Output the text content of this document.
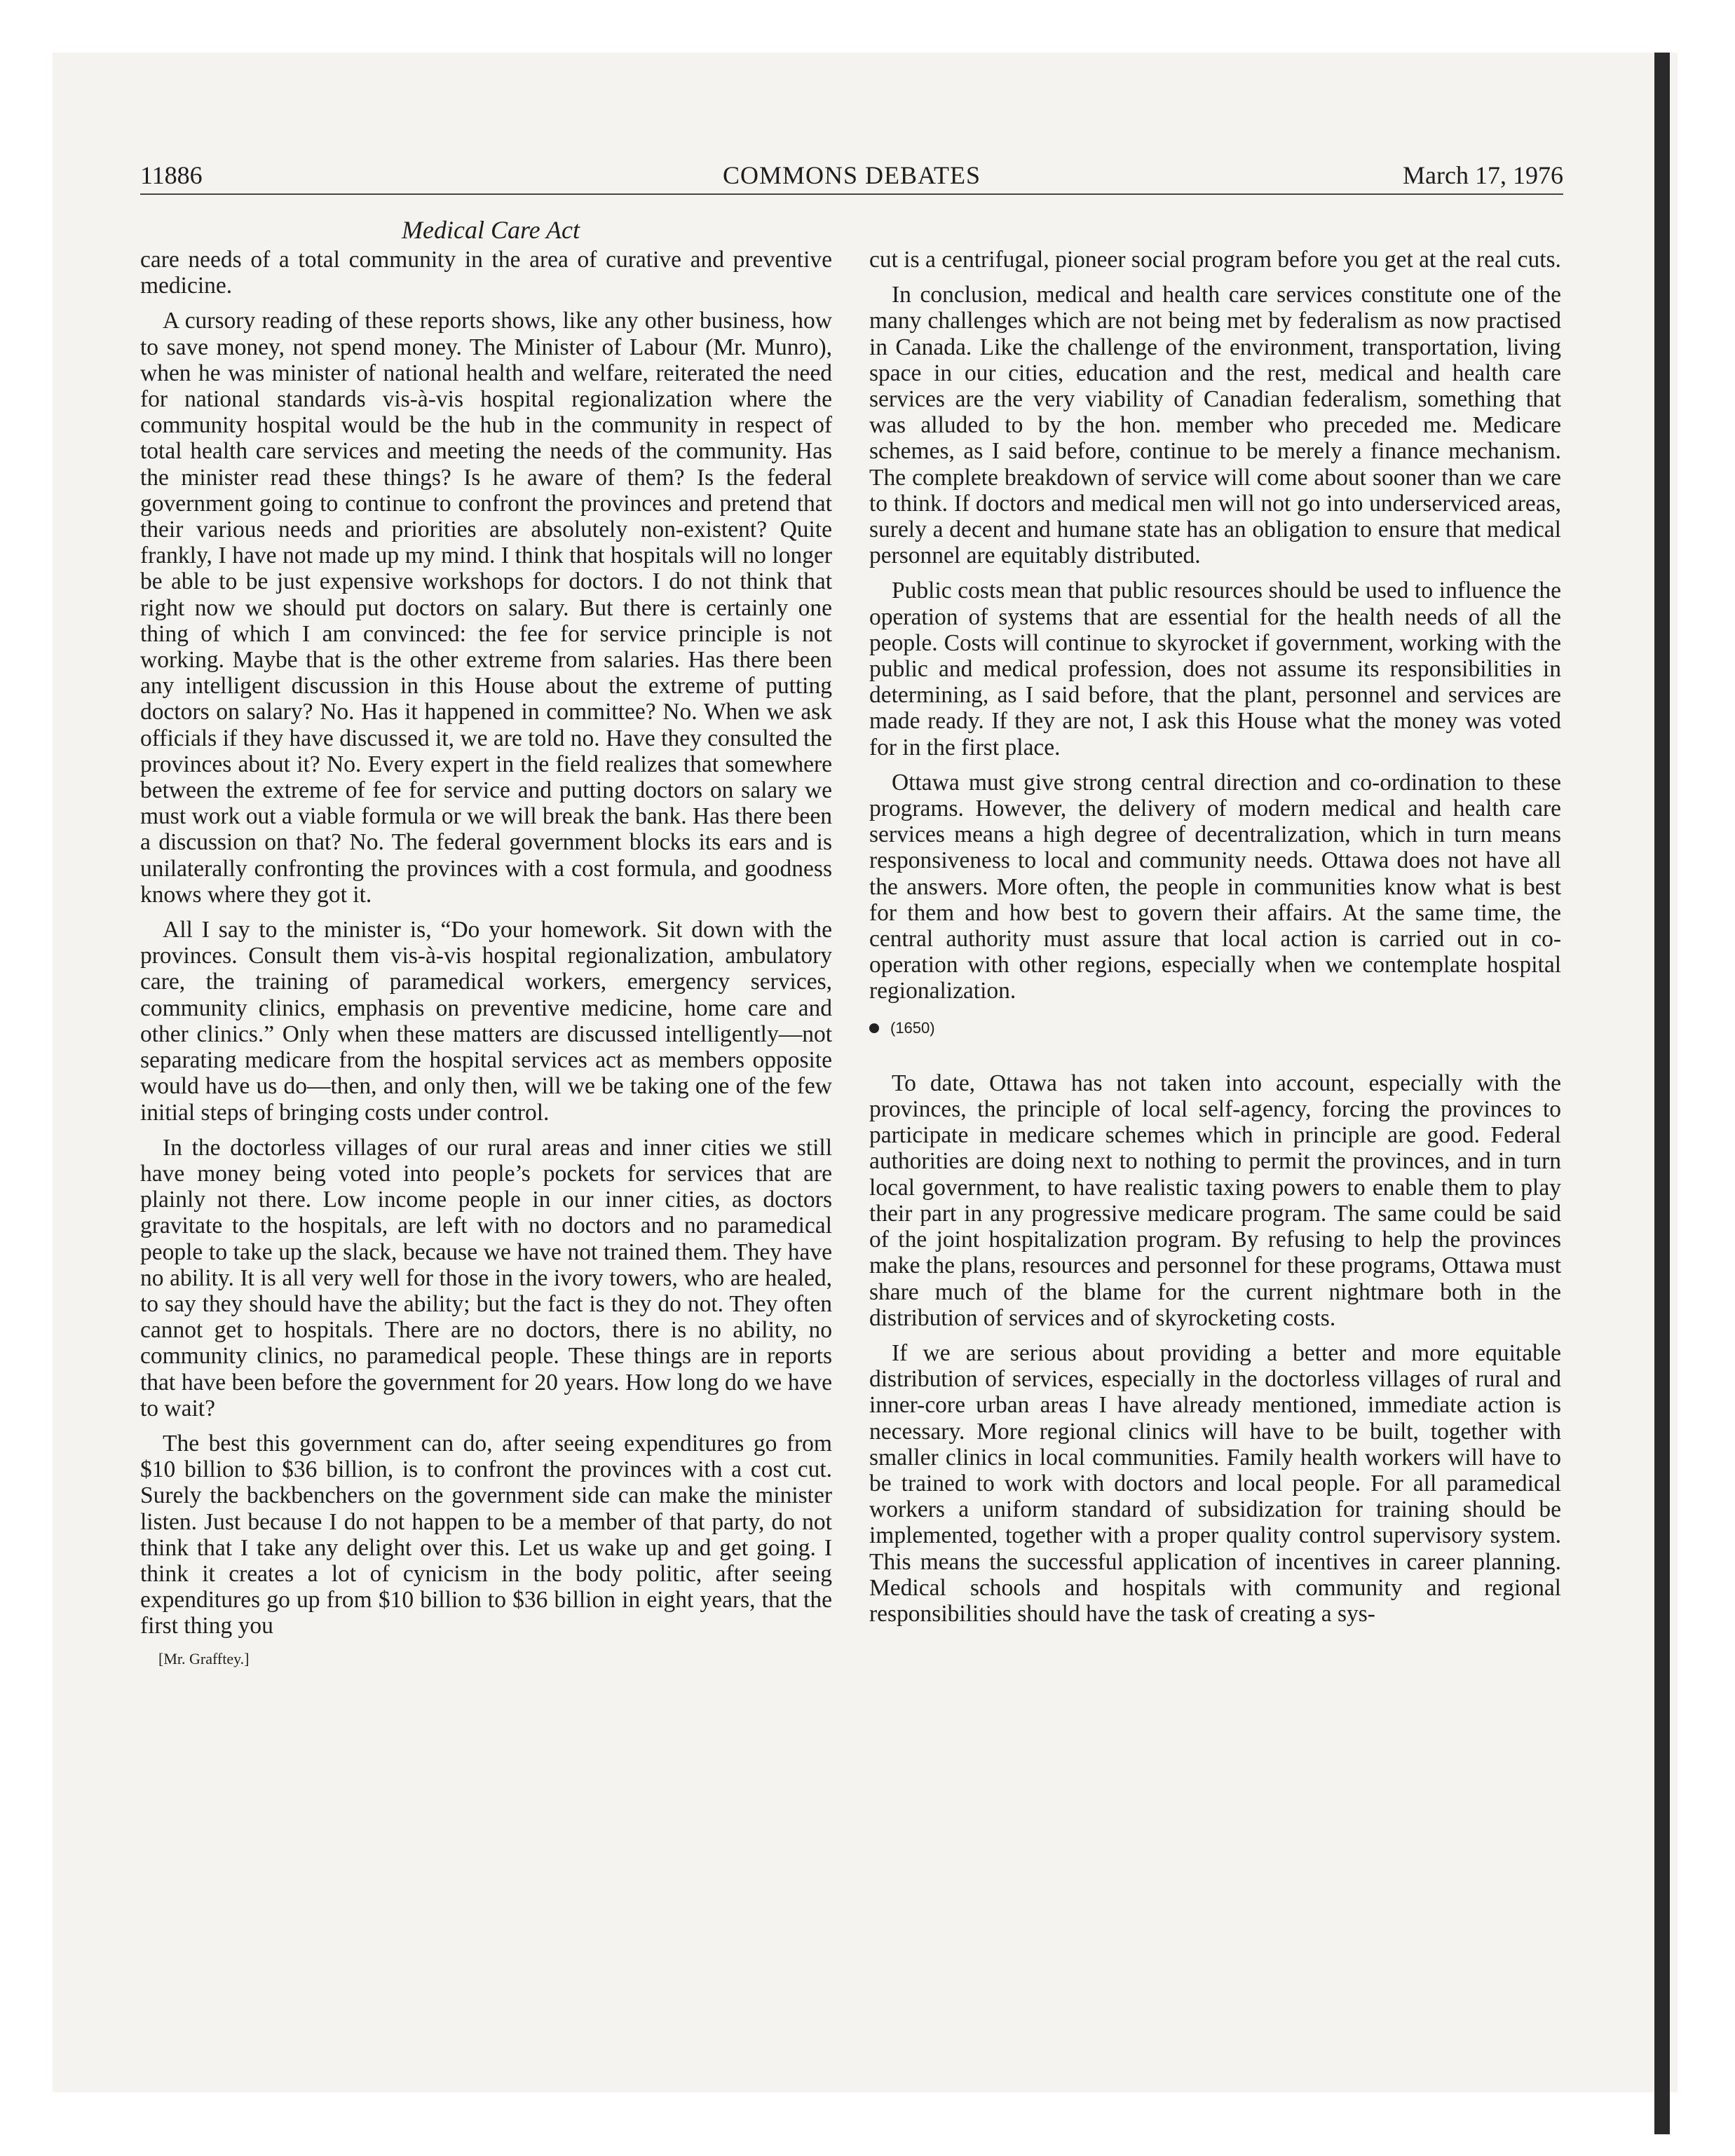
11886	COMMONS DEBATES	March 17, 1976
Medical Care Act

care needs of a total community in the area of curative and preventive medicine.

A cursory reading of these reports shows, like any other business, how to save money, not spend money. The Minister of Labour (Mr. Munro), when he was minister of national health and welfare, reiterated the need for national standards vis-à-vis hospital regionalization where the community hospital would be the hub in the community in respect of total health care services and meeting the needs of the community. Has the minister read these things? Is he aware of them? Is the federal government going to continue to confront the provinces and pretend that their various needs and priorities are absolutely non-existent? Quite frankly, I have not made up my mind. I think that hospitals will no longer be able to be just expensive workshops for doctors. I do not think that right now we should put doctors on salary. But there is certainly one thing of which I am convinced: the fee for service principle is not working. Maybe that is the other extreme from salaries. Has there been any intelligent discussion in this House about the extreme of putting doctors on salary? No. Has it happened in committee? No. When we ask officials if they have discussed it, we are told no. Have they consulted the provinces about it? No. Every expert in the field realizes that somewhere between the extreme of fee for service and putting doctors on salary we must work out a viable formula or we will break the bank. Has there been a discussion on that? No. The federal government blocks its ears and is unilaterally confronting the provinces with a cost formula, and goodness knows where they got it.

All I say to the minister is, “Do your homework. Sit down with the provinces. Consult them vis-à-vis hospital regionalization, ambulatory care, the training of paramedical workers, emergency services, community clinics, emphasis on preventive medicine, home care and other clinics.” Only when these matters are discussed intelligently—not separating medicare from the hospital services act as members opposite would have us do—then, and only then, will we be taking one of the few initial steps of bringing costs under control.

In the doctorless villages of our rural areas and inner cities we still have money being voted into people’s pockets for services that are plainly not there. Low income people in our inner cities, as doctors gravitate to the hospitals, are left with no doctors and no paramedical people to take up the slack, because we have not trained them. They have no ability. It is all very well for those in the ivory towers, who are healed, to say they should have the ability; but the fact is they do not. They often cannot get to hospitals. There are no doctors, there is no ability, no community clinics, no paramedical people. These things are in reports that have been before the government for 20 years. How long do we have to wait?

The best this government can do, after seeing expenditures go from $10 billion to $36 billion, is to confront the provinces with a cost cut. Surely the backbenchers on the government side can make the minister listen. Just because I do not happen to be a member of that party, do not think that I take any delight over this. Let us wake up and get going. I think it creates a lot of cynicism in the body politic, after seeing expenditures go up from $10 billion to $36 billion in eight years, that the first thing you

[Mr. Grafftey.]

cut is a centrifugal, pioneer social program before you get at the real cuts.

In conclusion, medical and health care services constitute one of the many challenges which are not being met by federalism as now practised in Canada. Like the challenge of the environment, transportation, living space in our cities, education and the rest, medical and health care services are the very viability of Canadian federalism, something that was alluded to by the hon. member who preceded me. Medicare schemes, as I said before, continue to be merely a finance mechanism. The complete breakdown of service will come about sooner than we care to think. If doctors and medical men will not go into underserviced areas, surely a decent and humane state has an obligation to ensure that medical personnel are equitably distributed.

Public costs mean that public resources should be used to influence the operation of systems that are essential for the health needs of all the people. Costs will continue to skyrocket if government, working with the public and medical profession, does not assume its responsibilities in determining, as I said before, that the plant, personnel and services are made ready. If they are not, I ask this House what the money was voted for in the first place.

Ottawa must give strong central direction and co-ordination to these programs. However, the delivery of modern medical and health care services means a high degree of decentralization, which in turn means responsiveness to local and community needs. Ottawa does not have all the answers. More often, the people in communities know what is best for them and how best to govern their affairs. At the same time, the central authority must assure that local action is carried out in co-operation with other regions, especially when we contemplate hospital regionalization.

(1650)

To date, Ottawa has not taken into account, especially with the provinces, the principle of local self-agency, forcing the provinces to participate in medicare schemes which in principle are good. Federal authorities are doing next to nothing to permit the provinces, and in turn local government, to have realistic taxing powers to enable them to play their part in any progressive medicare program. The same could be said of the joint hospitalization program. By refusing to help the provinces make the plans, resources and personnel for these programs, Ottawa must share much of the blame for the current nightmare both in the distribution of services and of skyrocketing costs.

If we are serious about providing a better and more equitable distribution of services, especially in the doctorless villages of rural and inner-core urban areas I have already mentioned, immediate action is necessary. More regional clinics will have to be built, together with smaller clinics in local communities. Family health workers will have to be trained to work with doctors and local people. For all paramedical workers a uniform standard of subsidization for training should be implemented, together with a proper quality control supervisory system. This means the successful application of incentives in career planning. Medical schools and hospitals with community and regional responsibilities should have the task of creating a sys-
